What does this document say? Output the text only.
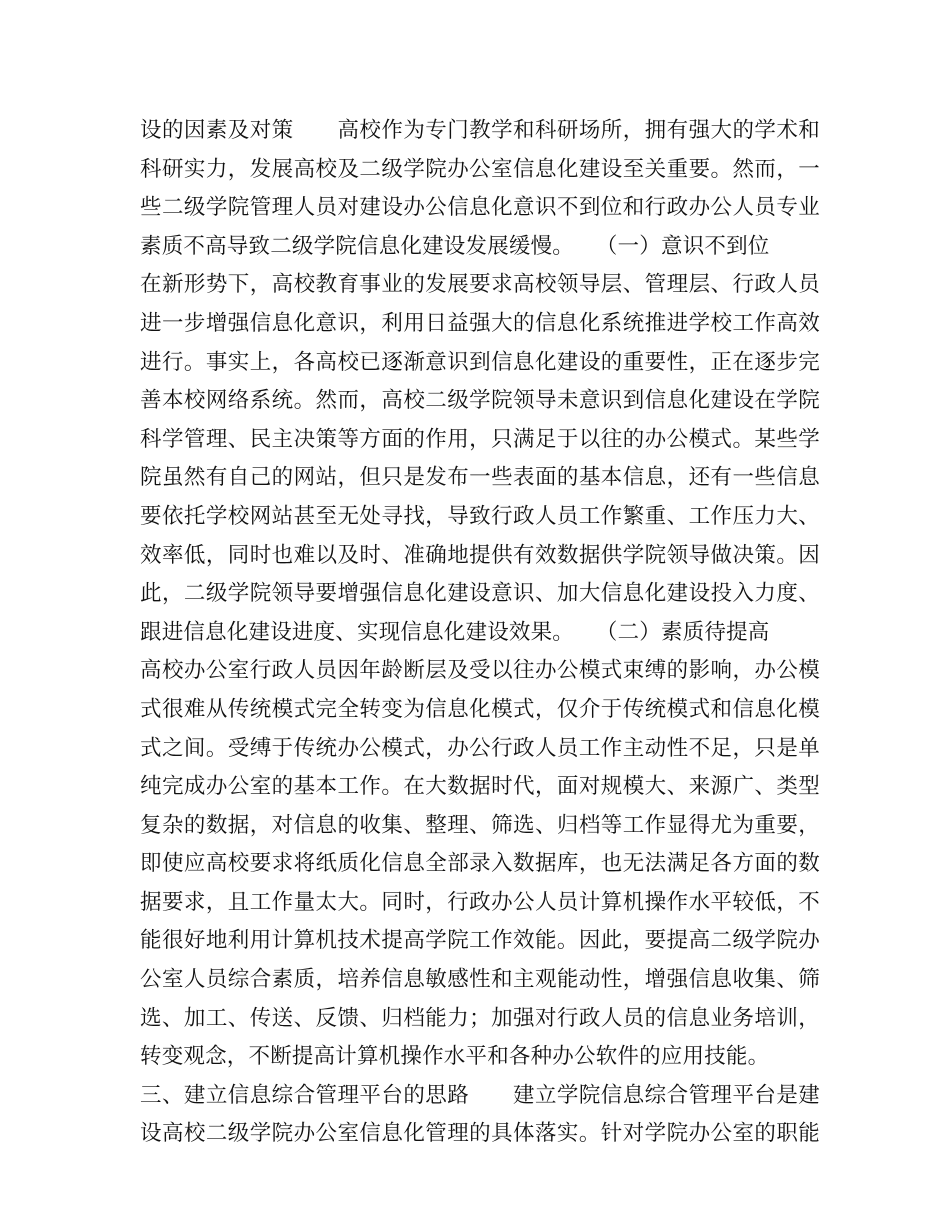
设的因素及对策　　高校作为专门教学和科研场所，拥有强大的学术和
科研实力，发展高校及二级学院办公室信息化建设至关重要。然而，一
些二级学院管理人员对建设办公信息化意识不到位和行政办公人员专业
素质不高导致二级学院信息化建设发展缓慢。　　（一）意识不到位
在新形势下，高校教育事业的发展要求高校领导层、管理层、行政人员
进一步增强信息化意识，利用日益强大的信息化系统推进学校工作高效
进行。事实上，各高校已逐渐意识到信息化建设的重要性，正在逐步完
善本校网络系统。然而，高校二级学院领导未意识到信息化建设在学院
科学管理、民主决策等方面的作用，只满足于以往的办公模式。某些学
院虽然有自己的网站，但只是发布一些表面的基本信息，还有一些信息
要依托学校网站甚至无处寻找，导致行政人员工作繁重、工作压力大、
效率低，同时也难以及时、准确地提供有效数据供学院领导做决策。因
此，二级学院领导要增强信息化建设意识、加大信息化建设投入力度、
跟进信息化建设进度、实现信息化建设效果。　　（二）素质待提高
高校办公室行政人员因年龄断层及受以往办公模式束缚的影响，办公模
式很难从传统模式完全转变为信息化模式，仅介于传统模式和信息化模
式之间。受缚于传统办公模式，办公行政人员工作主动性不足，只是单
纯完成办公室的基本工作。在大数据时代，面对规模大、来源广、类型
复杂的数据，对信息的收集、整理、筛选、归档等工作显得尤为重要，
即使应高校要求将纸质化信息全部录入数据库，也无法满足各方面的数
据要求，且工作量太大。同时，行政办公人员计算机操作水平较低，不
能很好地利用计算机技术提高学院工作效能。因此，要提高二级学院办
公室人员综合素质，培养信息敏感性和主观能动性，增强信息收集、筛
选、加工、传送、反馈、归档能力；加强对行政人员的信息业务培训，
转变观念，不断提高计算机操作水平和各种办公软件的应用技能。
三、建立信息综合管理平台的思路　　建立学院信息综合管理平台是建
设高校二级学院办公室信息化管理的具体落实。针对学院办公室的职能
